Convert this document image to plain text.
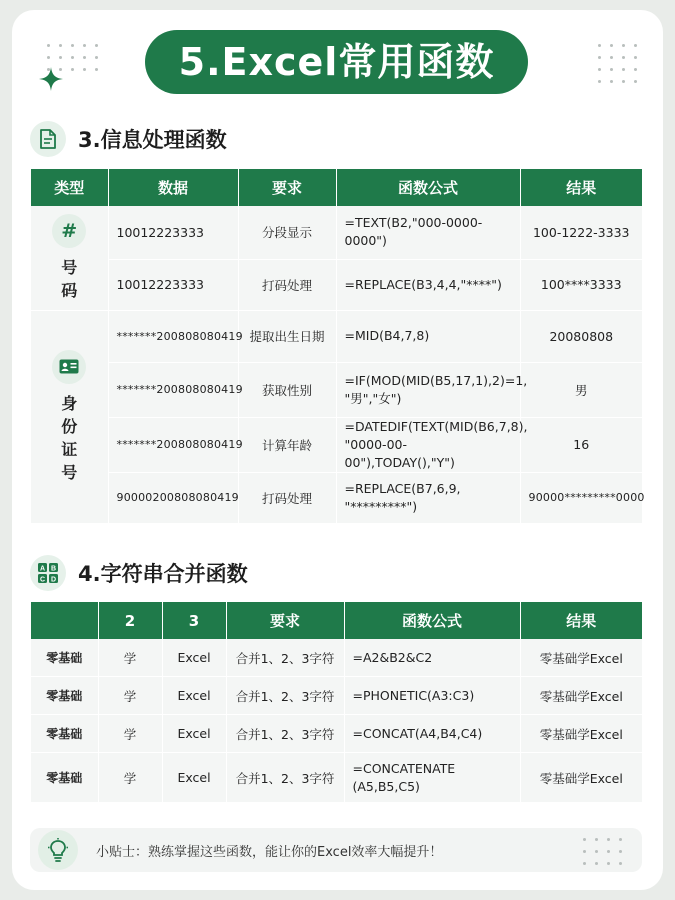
5.Excel常用函数
3.信息处理函数
类型	数据	要求	函数公式	结果

#
号码	10012223333	分段显示	=TEXT(B2,"000-0000-0000")	100-1222-3333
	10012223333	打码处理	=REPLACE(B3,4,4,"****")	100****3333

身份证号	*******200808080419	提取出生日期	=MID(B4,7,8)	20080808
	*******200808080419	获取性别	=IF(MOD(MID(B5,17,1),2)=1,
"男","女")	男
	*******200808080419	计算年龄	=DATEDIF(TEXT(MID(B6,7,8),
"0000-00-00"),TODAY(),"Y")	16
	90000200808080419	打码处理	=REPLACE(B7,6,9,
"*********")	90000*********0000
A B
C D 4.字符串合并函数
	2	3	要求	函数公式	结果
零基础	学	Excel	合并1、2、3字符	=A2&B2&C2	零基础学Excel
零基础	学	Excel	合并1、2、3字符	=PHONETIC(A3:C3)	零基础学Excel
零基础	学	Excel	合并1、2、3字符	=CONCAT(A4,B4,C4)	零基础学Excel
零基础	学	Excel	合并1、2、3字符	=CONCATENATE
(A5,B5,C5)	零基础学Excel
小贴士：熟练掌握这些函数，能让你的Excel效率大幅提升！
